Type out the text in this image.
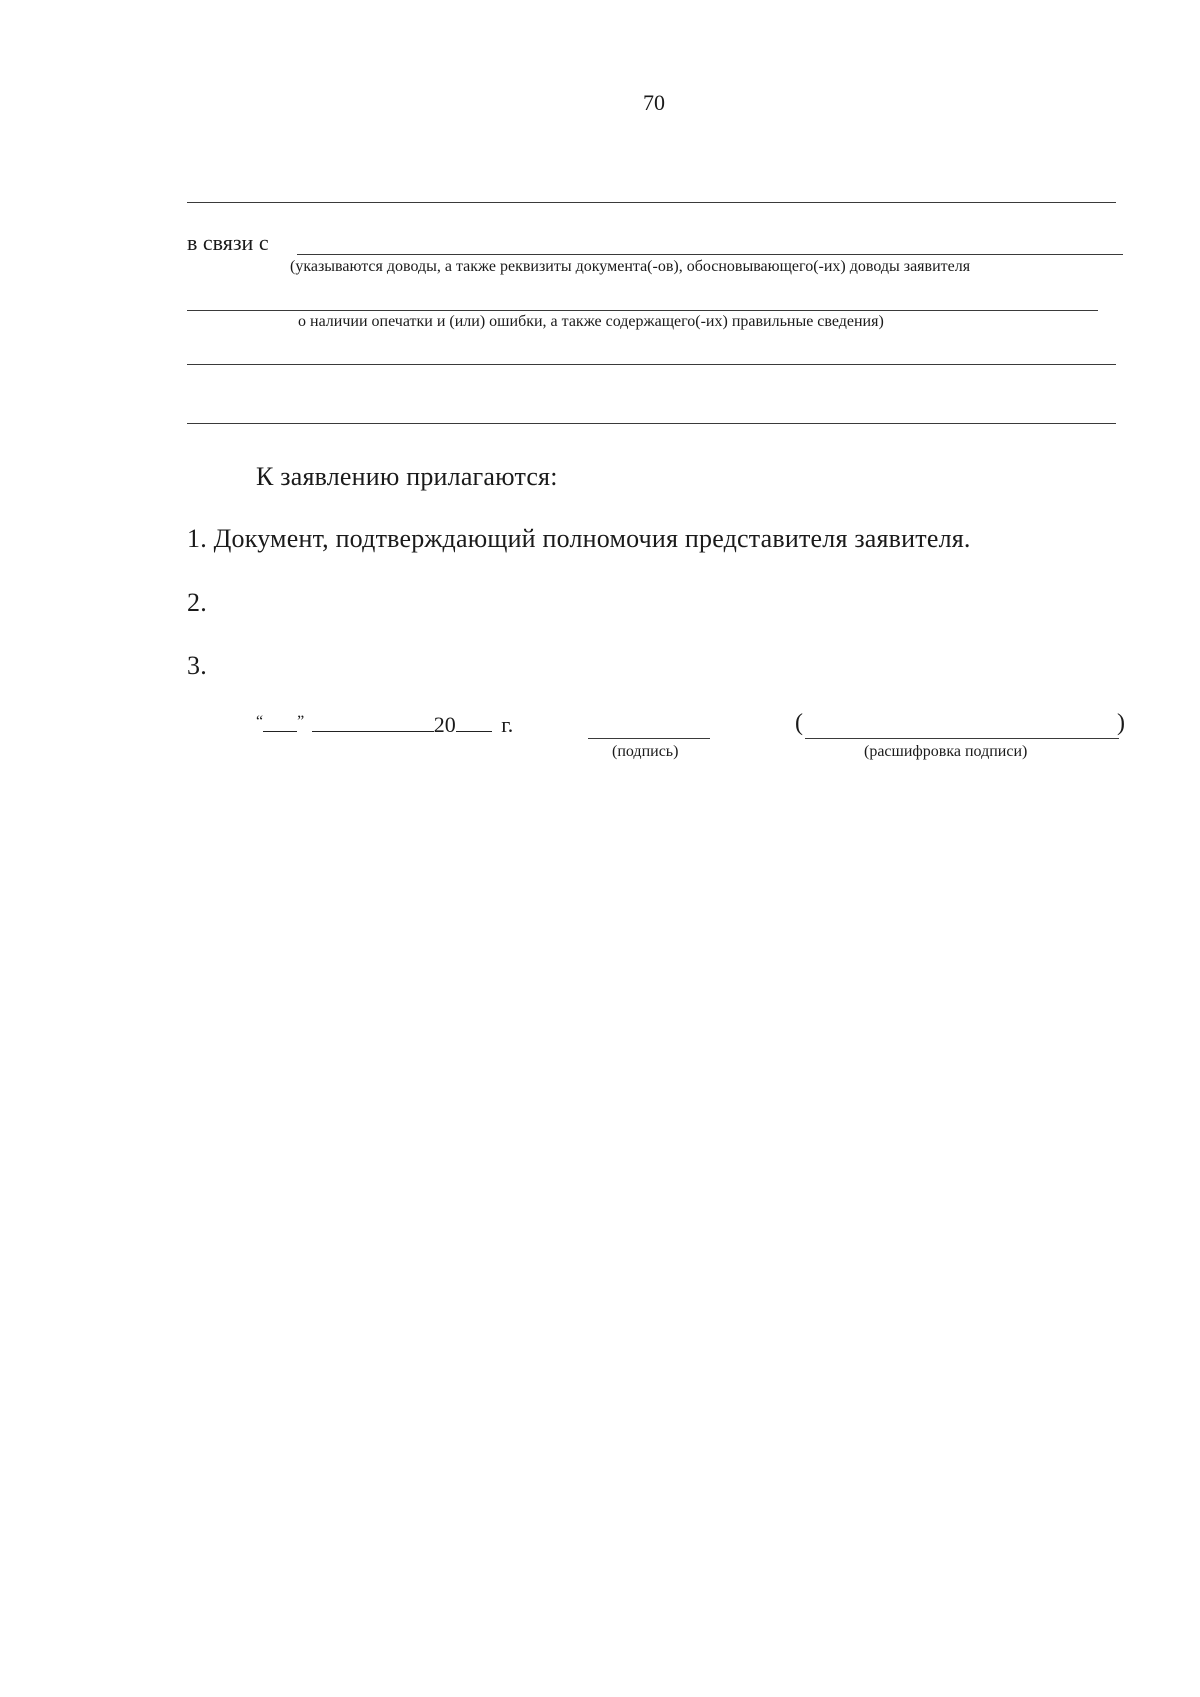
70
в связи с
(указываются доводы, а также реквизиты документа(-ов), обосновывающего(-их) доводы заявителя
о наличии опечатки и (или) ошибки, а также содержащего(-их) правильные сведения)
К заявлению прилагаются:
1. Документ, подтверждающий полномочия представителя заявителя.
2.
3.
“ ”	20 г.
(подпись)
(	)
(расшифровка подписи)
